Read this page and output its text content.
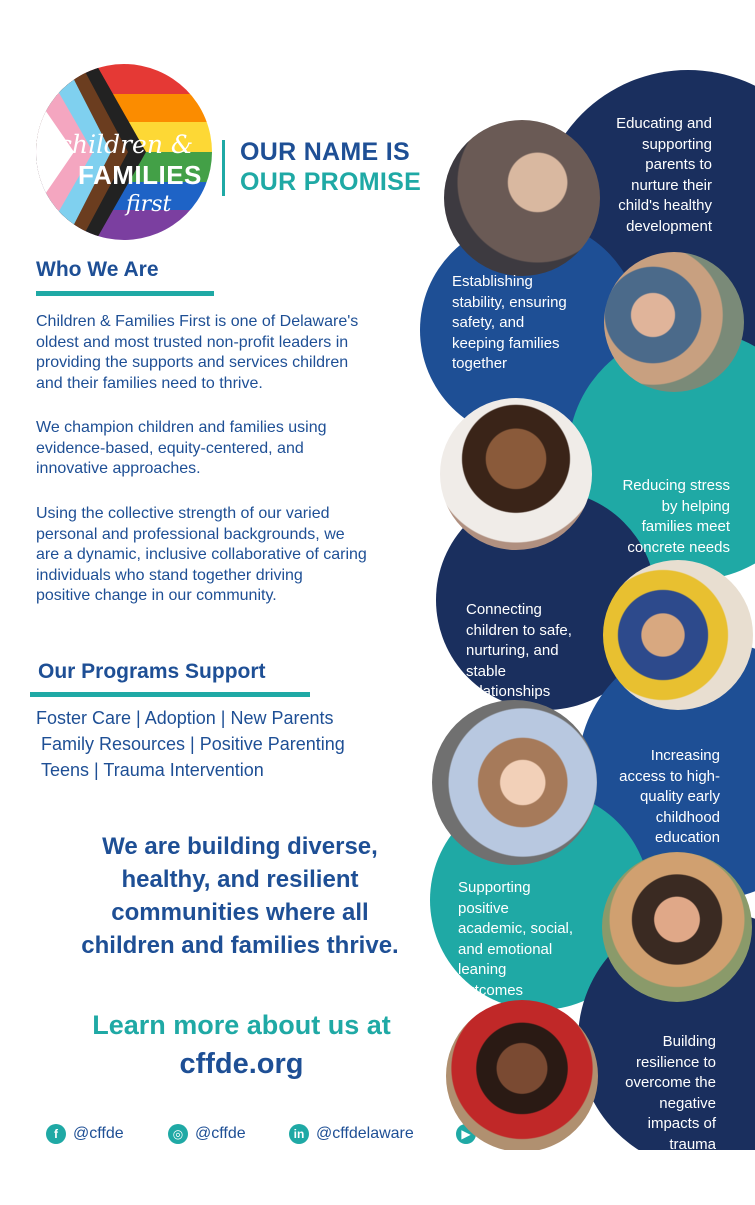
children &
FAMILIES
first
OUR NAME IS
OUR PROMISE
Who We Are
Children & Families First is one of Delaware's
oldest and most trusted non-profit leaders in
providing the supports and services children
and their families need to thrive.
We champion children and families using
evidence-based, equity-centered, and
innovative approaches.
Using the collective strength of our varied
personal and professional backgrounds, we
are a dynamic, inclusive collaborative of caring
individuals who stand together driving
positive change in our community.
Our Programs Support
Foster Care | Adoption | New Parents
Family Resources | Positive Parenting
Teens | Trauma Intervention
We are building diverse,
healthy, and resilient
communities where all
children and families thrive.
Learn more about us at
cffde.org
f @cffde	◎ @cffde	in @cffdelaware	▶
Educating and
supporting
parents to
nurture their
child's healthy
development
Establishing
stability, ensuring
safety, and
keeping families
together
Reducing stress
by helping
families meet
concrete needs
Connecting
children to safe,
nurturing, and
stable
relationships
Increasing
access to high-
quality early
childhood
education
Supporting
positive
academic, social,
and emotional
leaning
outcomes
Building
resilience to
overcome the
negative
impacts of
trauma
